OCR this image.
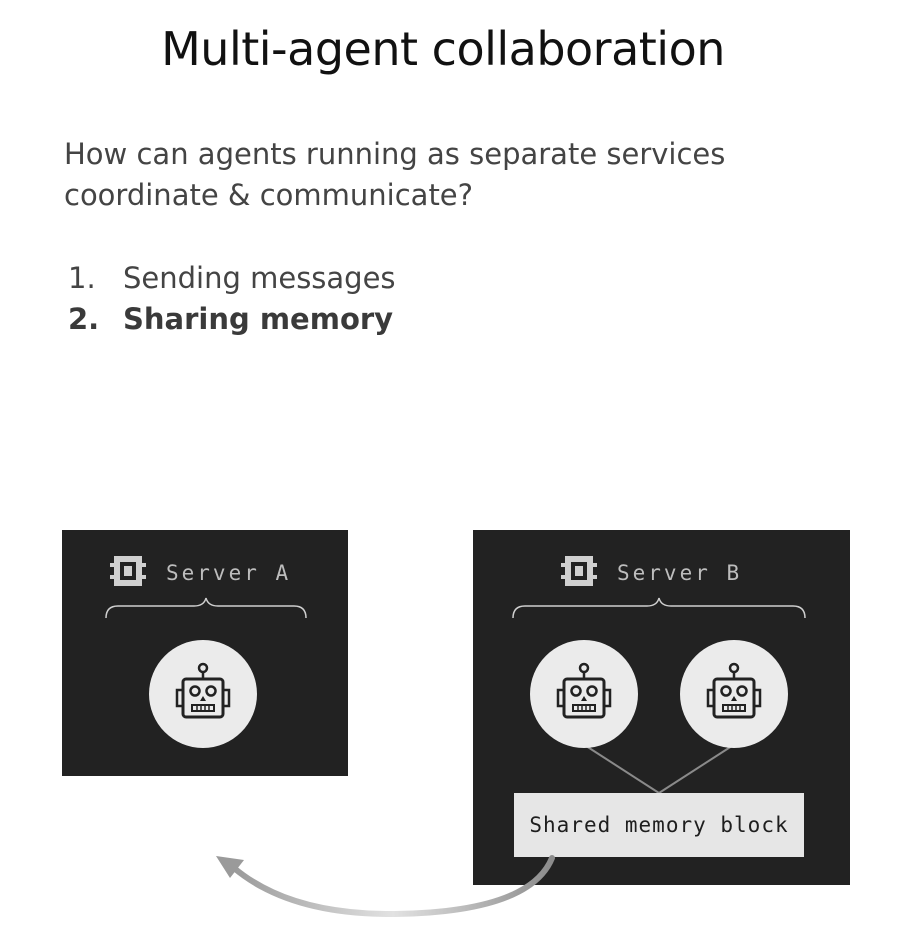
Multi-agent collaboration

How can agents running as separate services coordinate & communicate?

1. Sending messages
2. Sharing memory
Server A	Server B
Shared memory block
